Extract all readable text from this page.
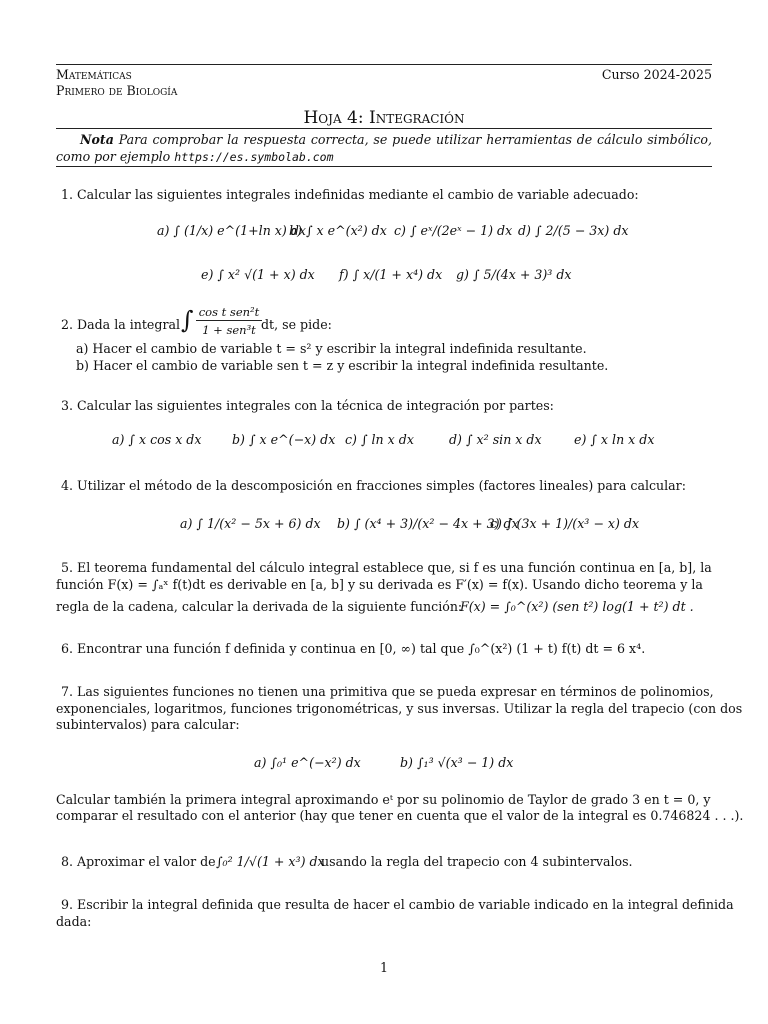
Matemáticas	Curso 2024-2025
Primero de Biología
Hoja 4: Integración
Nota Para comprobar la respuesta correcta, se puede utilizar herramientas de cálculo simbólico, como por ejemplo https://es.symbolab.com
1. Calcular las siguientes integrales indefinidas mediante el cambio de variable adecuado:
a) ∫ (1/x) e^(1+ln x) dx
b) ∫ x e^(x²) dx c) ∫ eˣ/(2eˣ − 1) dx d) ∫ 2/(5 − 3x) dx
e) ∫ x² √(1 + x) dx f) ∫ x/(1 + x⁴) dx g) ∫ 5/(4x + 3)³ dx
2. Dada la integral ∫ cos t sen²t
1 + sen³t dt, se pide:
a) Hacer el cambio de variable t = s² y escribir la integral indefinida resultante.
b) Hacer el cambio de variable sen t = z y escribir la integral indefinida resultante.
3. Calcular las siguientes integrales con la técnica de integración por partes:
a) ∫ x cos x dx b) ∫ x e^(−x) dx c) ∫ ln x dx	d) ∫ x² sin x dx	e) ∫ x ln x dx
4. Utilizar el método de la descomposición en fracciones simples (factores lineales) para calcular:
a) ∫ 1/(x² − 5x + 6) dx b) ∫ (x⁴ + 3)/(x² − 4x + 3) dx
c) ∫ (3x + 1)/(x³ − x) dx
5. El teorema fundamental del cálculo integral establece que, si f es una función continua en [a, b], la
función F(x) = ∫ₐˣ f(t)dt es derivable en [a, b] y su derivada es F′(x) = f(x). Usando dicho teorema y la
regla de la cadena, calcular la derivada de la siguiente función:
F(x) = ∫₀^(x²) (sen t²) log(1 + t²) dt .
6. Encontrar una función f definida y continua en [0, ∞) tal que ∫₀^(x²) (1 + t) f(t) dt = 6 x⁴.
7. Las siguientes funciones no tienen una primitiva que se pueda expresar en términos de polinomios,
exponenciales, logaritmos, funciones trigonométricas, y sus inversas. Utilizar la regla del trapecio (con dos
subintervalos) para calcular:
a) ∫₀¹ e^(−x²) dx	b) ∫₁³ √(x³ − 1) dx
Calcular también la primera integral aproximando eᵗ por su polinomio de Taylor de grado 3 en t = 0, y
comparar el resultado con el anterior (hay que tener en cuenta que el valor de la integral es 0.746824 . . .).
8. Aproximar el valor de ∫₀² 1/√(1 + x³) dx
usando la regla del trapecio con 4 subintervalos.
9. Escribir la integral definida que resulta de hacer el cambio de variable indicado en la integral definida
dada:
1
